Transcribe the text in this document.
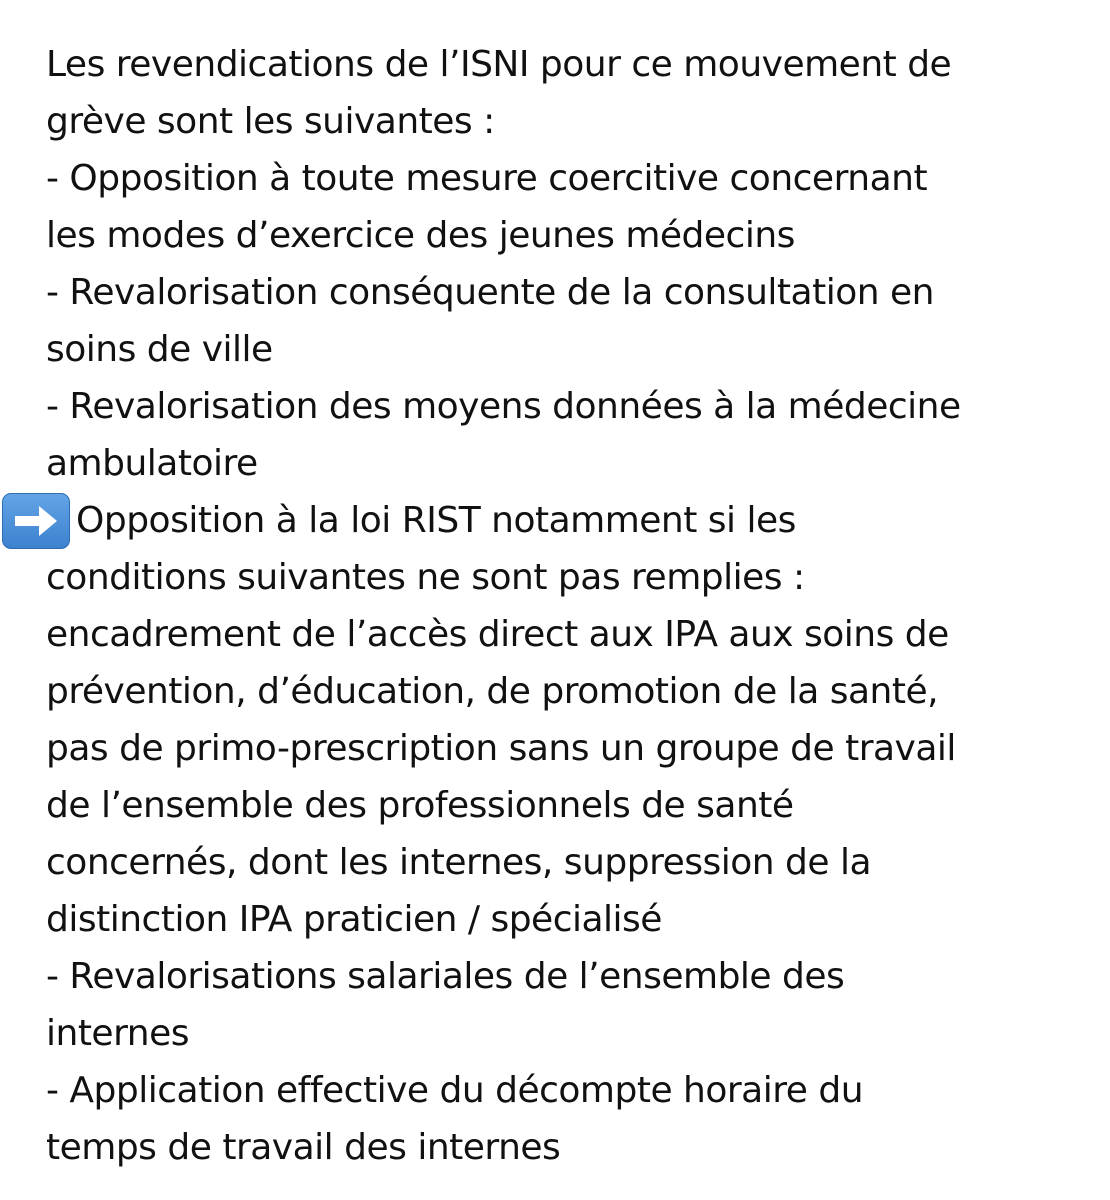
Les revendications de l’ISNI pour ce mouvement de
grève sont les suivantes :
- Opposition à toute mesure coercitive concernant
les modes d’exercice des jeunes médecins
- Revalorisation conséquente de la consultation en
soins de ville
- Revalorisation des moyens données à la médecine
ambulatoire
Opposition à la loi RIST notamment si les
conditions suivantes ne sont pas remplies :
encadrement de l’accès direct aux IPA aux soins de
prévention, d’éducation, de promotion de la santé,
pas de primo-prescription sans un groupe de travail
de l’ensemble des professionnels de santé
concernés, dont les internes, suppression de la
distinction IPA praticien / spécialisé
- Revalorisations salariales de l’ensemble des
internes
- Application effective du décompte horaire du
temps de travail des internes
